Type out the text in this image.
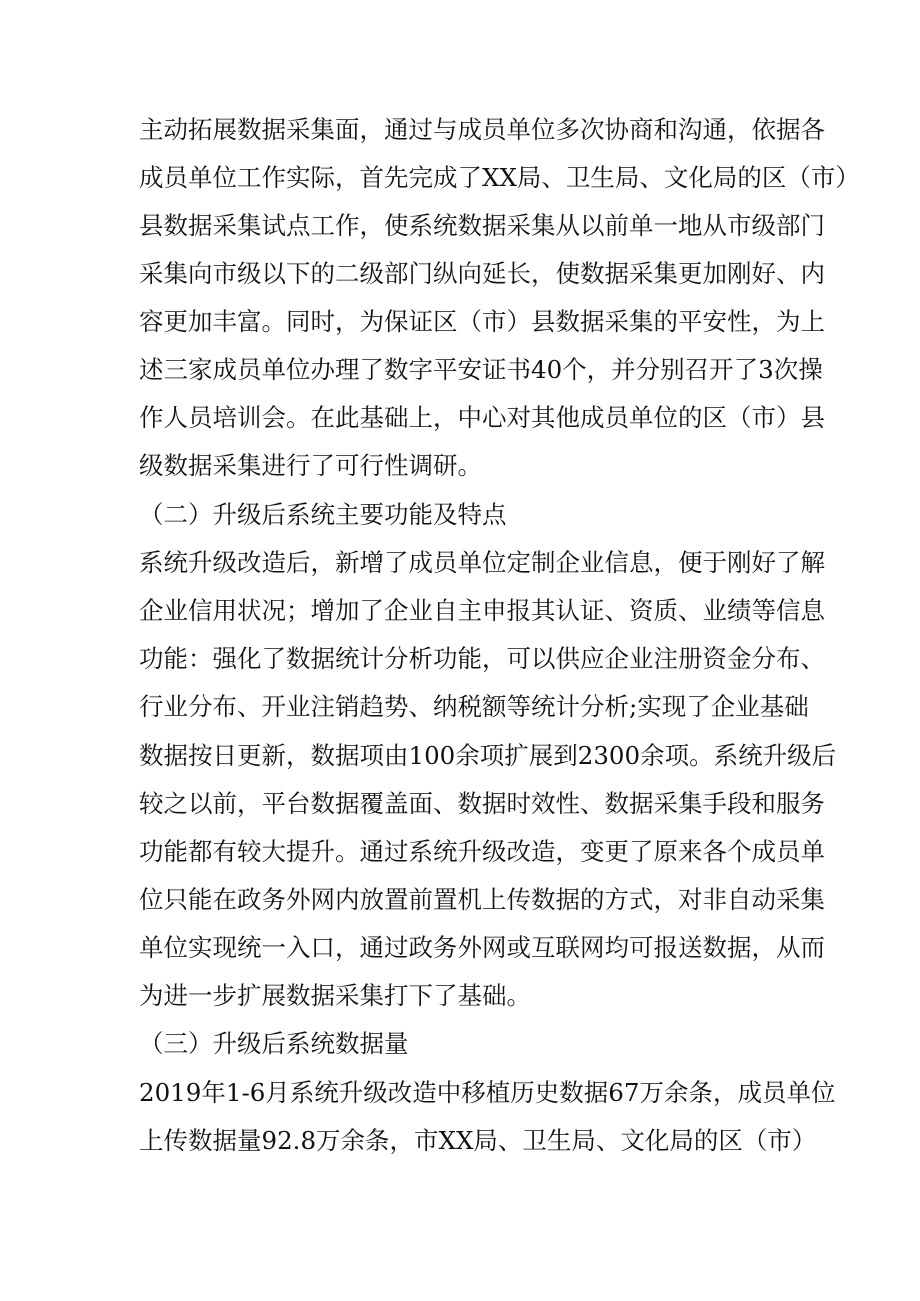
主动拓展数据采集面，通过与成员单位多次协商和沟通，依据各
成员单位工作实际，首先完成了XX局、卫生局、文化局的区（市）
县数据采集试点工作，使系统数据采集从以前单一地从市级部门
采集向市级以下的二级部门纵向延长，使数据采集更加刚好、内
容更加丰富。同时，为保证区（市）县数据采集的平安性，为上
述三家成员单位办理了数字平安证书40个，并分别召开了3次操
作人员培训会。在此基础上，中心对其他成员单位的区（市）县
级数据采集进行了可行性调研。
（二）升级后系统主要功能及特点
系统升级改造后，新增了成员单位定制企业信息，便于刚好了解
企业信用状况；增加了企业自主申报其认证、资质、业绩等信息
功能：强化了数据统计分析功能，可以供应企业注册资金分布、
行业分布、开业注销趋势、纳税额等统计分析;实现了企业基础
数据按日更新，数据项由100余项扩展到2300余项。系统升级后
较之以前，平台数据覆盖面、数据时效性、数据采集手段和服务
功能都有较大提升。通过系统升级改造，变更了原来各个成员单
位只能在政务外网内放置前置机上传数据的方式，对非自动采集
单位实现统一入口，通过政务外网或互联网均可报送数据，从而
为进一步扩展数据采集打下了基础。
（三）升级后系统数据量
2019年1-6月系统升级改造中移植历史数据67万余条，成员单位
上传数据量92.8万余条，市XX局、卫生局、文化局的区（市）
